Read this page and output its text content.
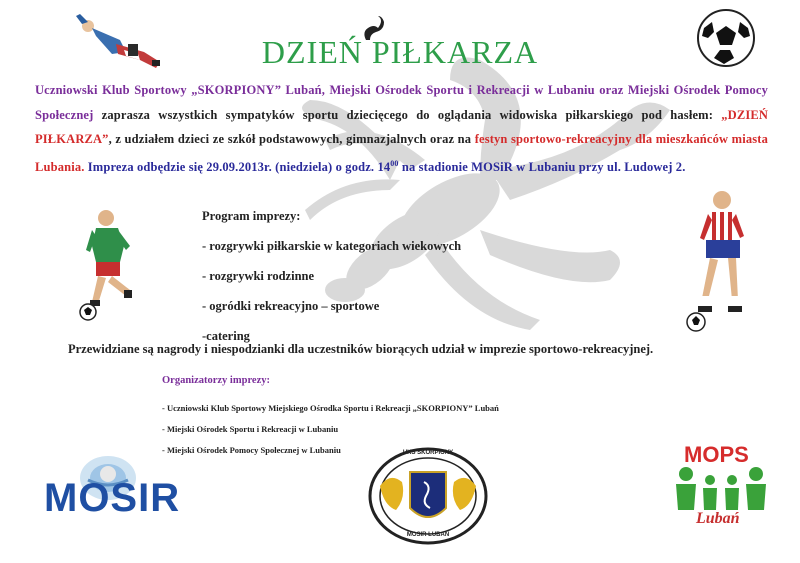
DZIEŃ PIŁKARZA
Uczniowski Klub Sportowy „SKORPIONY” Lubań, Miejski Ośrodek Sportu i Rekreacji w Lubaniu oraz Miejski Ośrodek Pomocy Społecznej zaprasza wszystkich sympatyków sportu dziecięcego do oglądania widowiska piłkarskiego pod hasłem: „DZIEŃ PIŁKARZA”, z udziałem dzieci ze szkół podstawowych, gimnazjalnych oraz na festyn sportowo-rekreacyjny dla mieszkańców miasta Lubania. Impreza odbędzie się 29.09.2013r. (niedziela) o godz. $14^{00}$ na stadionie MOSiR w Lubaniu przy ul. Ludowej 2.
Program imprezy:
- rozgrywki piłkarskie w kategoriach wiekowych
- rozgrywki rodzinne
- ogródki rekreacyjno – sportowe
-catering
Przewidziane są nagrody i niespodzianki dla uczestników biorących udział w imprezie sportowo-rekreacyjnej.
Organizatorzy imprezy:
- Uczniowski Klub Sportowy Miejskiego Ośrodka Sportu i Rekreacji „SKORPIONY” Lubań
- Miejski Ośrodek Sportu i Rekreacji w Lubaniu
- Miejski Ośrodek Pomocy Społecznej w Lubaniu
MOSIR
UKS SKORPIONY
MOSIR LUBAŃ
MOPS
Lubań
